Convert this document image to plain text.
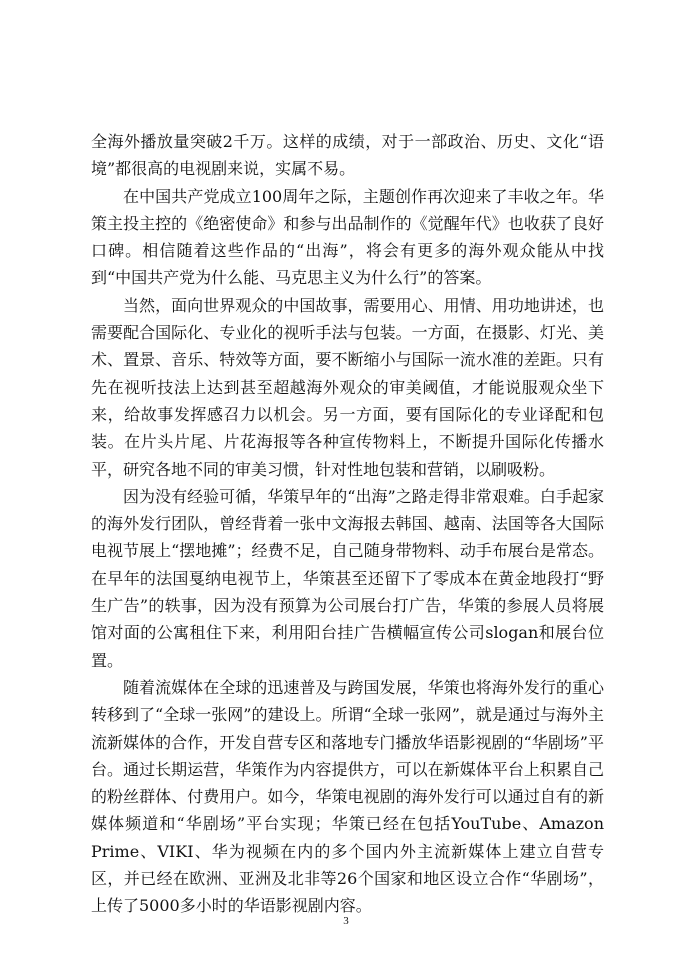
全海外播放量突破2千万。这样的成绩，对于一部政治、历史、文化“语境”都很高的电视剧来说，实属不易。

在中国共产党成立100周年之际，主题创作再次迎来了丰收之年。华策主投主控的《绝密使命》和参与出品制作的《觉醒年代》也收获了良好口碑。相信随着这些作品的“出海”，将会有更多的海外观众能从中找到“中国共产党为什么能、马克思主义为什么行”的答案。

当然，面向世界观众的中国故事，需要用心、用情、用功地讲述，也需要配合国际化、专业化的视听手法与包装。一方面，在摄影、灯光、美术、置景、音乐、特效等方面，要不断缩小与国际一流水准的差距。只有先在视听技法上达到甚至超越海外观众的审美阈值，才能说服观众坐下来，给故事发挥感召力以机会。另一方面，要有国际化的专业译配和包装。在片头片尾、片花海报等各种宣传物料上，不断提升国际化传播水平，研究各地不同的审美习惯，针对性地包装和营销，以刷吸粉。

因为没有经验可循，华策早年的“出海”之路走得非常艰难。白手起家的海外发行团队，曾经背着一张中文海报去韩国、越南、法国等各大国际电视节展上“摆地摊”；经费不足，自己随身带物料、动手布展台是常态。在早年的法国戛纳电视节上，华策甚至还留下了零成本在黄金地段打“野生广告”的轶事，因为没有预算为公司展台打广告，华策的参展人员将展馆对面的公寓租住下来，利用阳台挂广告横幅宣传公司slogan和展台位置。

随着流媒体在全球的迅速普及与跨国发展，华策也将海外发行的重心转移到了“全球一张网”的建设上。所谓“全球一张网”，就是通过与海外主流新媒体的合作，开发自营专区和落地专门播放华语影视剧的“华剧场”平台。通过长期运营，华策作为内容提供方，可以在新媒体平台上积累自己的粉丝群体、付费用户。如今，华策电视剧的海外发行可以通过自有的新媒体频道和“华剧场”平台实现；华策已经在包括YouTube、Amazon Prime、VIKI、华为视频在内的多个国内外主流新媒体上建立自营专区，并已经在欧洲、亚洲及北非等26个国家和地区设立合作“华剧场”，上传了5000多小时的华语影视剧内容。

3
